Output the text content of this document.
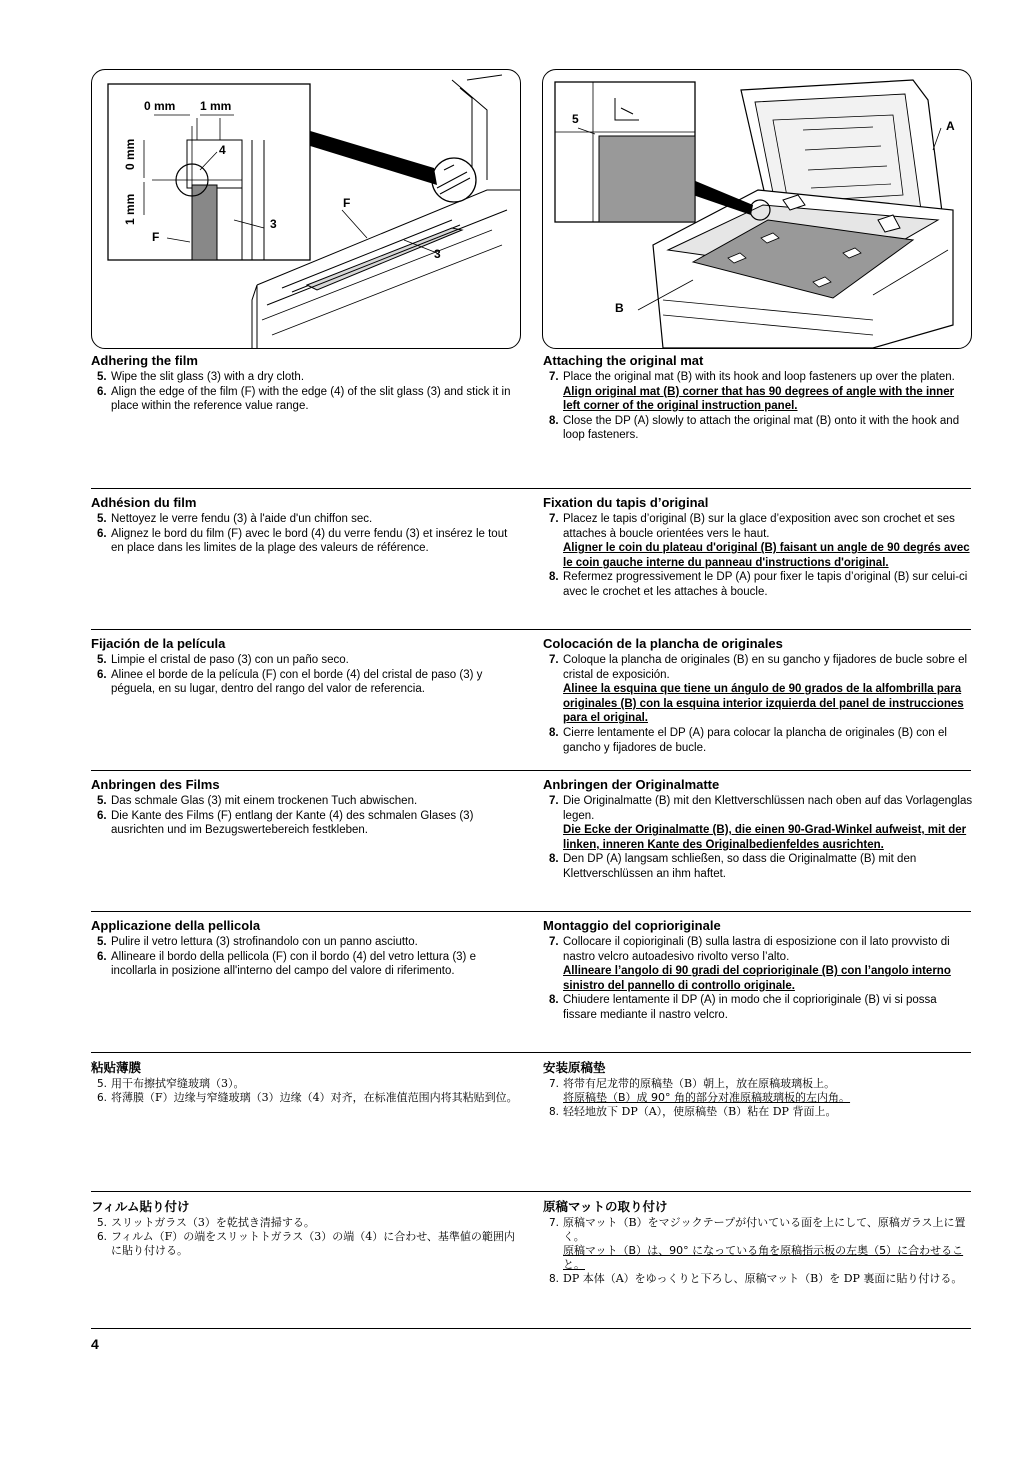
0 mm 1 mm
0 mm
1 mm
4
3
F
F
3
5	A
B
Adhering the film
5. Wipe the slit glass (3) with a dry cloth.
6. Align the edge of the film (F) with the edge (4) of the slit glass (3) and stick it in place within the reference value range.
Attaching the original mat
7. Place the original mat (B) with its hook and loop fasteners up over the platen.
Align original mat (B) corner that has 90 degrees of angle with the inner left corner of the original instruction panel.
8. Close the DP (A) slowly to attach the original mat (B) onto it with the hook and loop fasteners.
Adhésion du film
5. Nettoyez le verre fendu (3) à l'aide d'un chiffon sec.
6. Alignez le bord du film (F) avec le bord (4) du verre fendu (3) et insérez le tout en place dans les limites de la plage des valeurs de référence.
Fixation du tapis d’original
7. Placez le tapis d’original (B) sur la glace d’exposition avec son crochet et ses attaches à boucle orientées vers le haut.
Aligner le coin du plateau d'original (B) faisant un angle de 90 degrés avec le coin gauche interne du panneau d'instructions d'original.
8. Refermez progressivement le DP (A) pour fixer le tapis d’original (B) sur celui-ci avec le crochet et les attaches à boucle.
Fijación de la película
5. Limpie el cristal de paso (3) con un paño seco.
6. Alinee el borde de la película (F) con el borde (4) del cristal de paso (3) y péguela, en su lugar, dentro del rango del valor de referencia.
Colocación de la plancha de originales
7. Coloque la plancha de originales (B) en su gancho y fijadores de bucle sobre el cristal de exposición.
Alinee la esquina que tiene un ángulo de 90 grados de la alfombrilla para originales (B) con la esquina interior izquierda del panel de instrucciones para el original.
8. Cierre lentamente el DP (A) para colocar la plancha de originales (B) con el gancho y fijadores de bucle.
Anbringen des Films
5. Das schmale Glas (3) mit einem trockenen Tuch abwischen.
6. Die Kante des Films (F) entlang der Kante (4) des schmalen Glases (3) ausrichten und im Bezugswertebereich festkleben.
Anbringen der Originalmatte
7. Die Originalmatte (B) mit den Klettverschlüssen nach oben auf das Vorlagenglas legen.
Die Ecke der Originalmatte (B), die einen 90-Grad-Winkel aufweist, mit der linken, inneren Kante des Originalbedienfeldes ausrichten.
8. Den DP (A) langsam schließen, so dass die Originalmatte (B) mit den Klettverschlüssen an ihm haftet.
Applicazione della pellicola
5. Pulire il vetro lettura (3) strofinandolo con un panno asciutto.
6. Allineare il bordo della pellicola (F) con il bordo (4) del vetro lettura (3) e incollarla in posizione all'interno del campo del valore di riferimento.
Montaggio del coprioriginale
7. Collocare il copioriginali (B) sulla lastra di esposizione con il lato provvisto di nastro velcro autoadesivo rivolto verso l’alto.
Allineare l’angolo di 90 gradi del coprioriginale (B) con l’angolo interno sinistro del pannello di controllo originale.
8. Chiudere lentamente il DP (A) in modo che il coprioriginale (B) vi si possa fissare mediante il nastro velcro.
粘贴薄膜
5. 用干布擦拭窄缝玻璃（3）。
6. 将薄膜（F）边缘与窄缝玻璃（3）边缘（4）对齐，在标准值范围内将其粘贴到位。
安装原稿垫
7. 将带有尼龙带的原稿垫（B）朝上，放在原稿玻璃板上。
将原稿垫（B）成 90° 角的部分对准原稿玻璃板的左内角。
8. 轻轻地放下 DP（A），使原稿垫（B）粘在 DP 背面上。
フィルム貼り付け
5. スリットガラス（3）を乾拭き清掃する。
6. フィルム（F）の端をスリットトガラス（3）の端（4）に合わせ、基準値の範囲内に貼り付ける。
原稿マットの取り付け
7. 原稿マット（B）をマジックテープが付いている面を上にして、原稿ガラス上に置く。
原稿マット（B）は、90° になっている角を原稿指示板の左奥（5）に合わせること。
8. DP 本体（A）をゆっくりと下ろし、原稿マット（B）を DP 裏面に貼り付ける。
4
